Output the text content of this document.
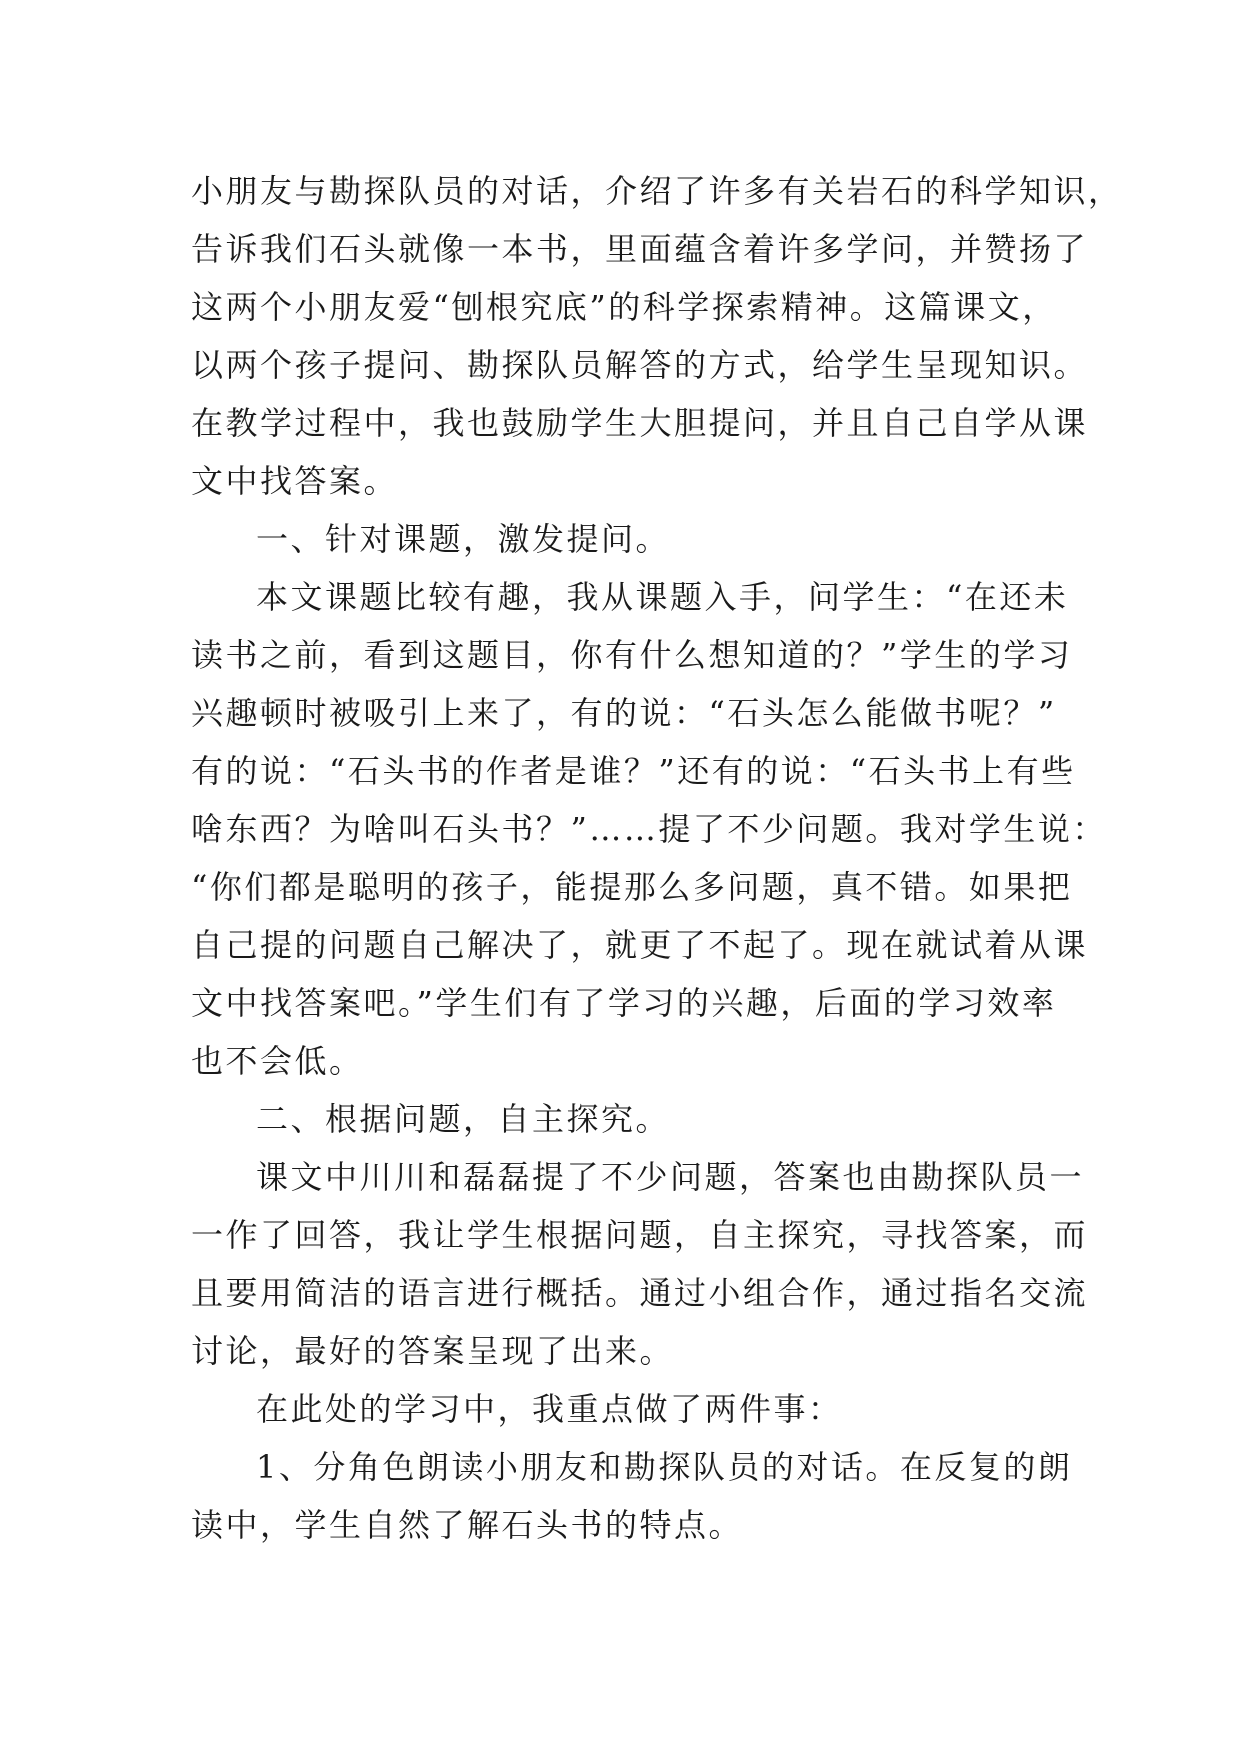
小朋友与勘探队员的对话，介绍了许多有关岩石的科学知识，

告诉我们石头就像一本书，里面蕴含着许多学问，并赞扬了

这两个小朋友爱“刨根究底”的科学探索精神。这篇课文，

以两个孩子提问、勘探队员解答的方式，给学生呈现知识。

在教学过程中，我也鼓励学生大胆提问，并且自己自学从课

文中找答案。

一、针对课题，激发提问。

本文课题比较有趣，我从课题入手，问学生：“在还未

读书之前，看到这题目，你有什么想知道的？”学生的学习

兴趣顿时被吸引上来了，有的说：“石头怎么能做书呢？”

有的说：“石头书的作者是谁？”还有的说：“石头书上有些

啥东西？为啥叫石头书？”……提了不少问题。我对学生说：

“你们都是聪明的孩子，能提那么多问题，真不错。如果把

自己提的问题自己解决了，就更了不起了。现在就试着从课

文中找答案吧。”学生们有了学习的兴趣，后面的学习效率

也不会低。

二、根据问题，自主探究。

课文中川川和磊磊提了不少问题，答案也由勘探队员一

一作了回答，我让学生根据问题，自主探究，寻找答案，而

且要用简洁的语言进行概括。通过小组合作，通过指名交流

讨论，最好的答案呈现了出来。

在此处的学习中，我重点做了两件事：

1、分角色朗读小朋友和勘探队员的对话。在反复的朗

读中，学生自然了解石头书的特点。
